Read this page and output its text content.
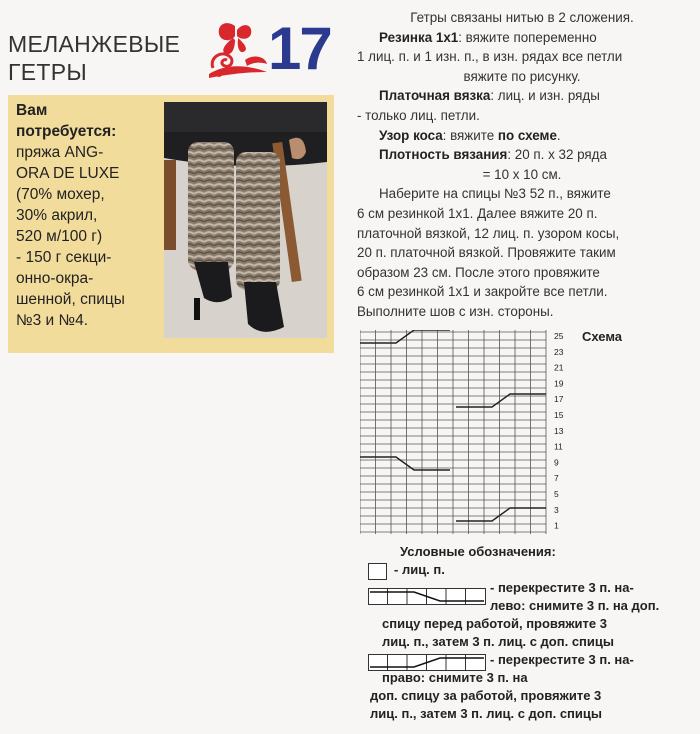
МЕЛАНЖЕВЫЕ
ГЕТРЫ	17
Вам
потребуется:
пряжа ANG-
ORA DE LUXE
(70% мохер,
30% акрил,
520 м/100 г)
- 150 г секци-
онно-окра-
шенной, спицы
№3 и №4.

Гетры связаны нитью в 2 сложения.

Резинка 1х1: вяжите попеременно

1 лиц. п. и 1 изн. п., в изн. рядах все петли

вяжите по рисунку.

Платочная вязка: лиц. и изн. ряды

- только лиц. петли.

Узор коса: вяжите по схеме.

Плотность вязания: 20 п. х 32 ряда

= 10 х 10 см.

Наберите на спицы №3 52 п., вяжите

6 см резинкой 1х1. Далее вяжите 20 п.

платочной вязкой, 12 лиц. п. узором косы,

20 п. платочной вязкой. Провяжите таким

образом 23 см. После этого провяжите

6 см резинкой 1х1 и закройте все петли.

Выполните шов с изн. стороны.

25
23
21
19
17
15
13
11
9
7
5
3
1
Схема
Условные обозначения:
- лиц. п.
- перекрестите 3 п. на-
лево: снимите 3 п. на доп.
спицу перед работой, провяжите 3
лиц. п., затем 3 п. лиц. с доп. спицы
- перекрестите 3 п. на-
право: снимите 3 п. на
доп. спицу за работой, провяжите 3
лиц. п., затем 3 п. лиц. с доп. спицы
